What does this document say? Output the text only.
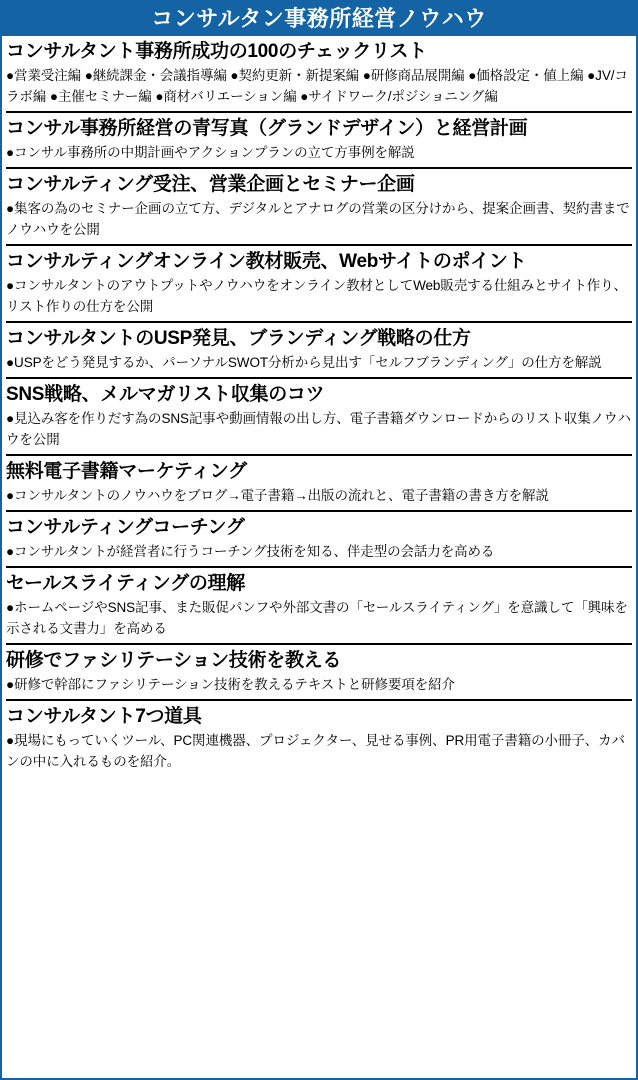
コンサルタン事務所経営ノウハウ
コンサルタント事務所成功の100のチェックリスト
●営業受注編 ●継続課金・会議指導編 ●契約更新・新提案編 ●研修商品展開編 ●価格設定・値上編 ●JV/コラボ編 ●主催セミナー編 ●商材バリエーション編 ●サイドワーク/ポジショニング編
コンサル事務所経営の青写真（グランドデザイン）と経営計画
●コンサル事務所の中期計画やアクションプランの立て方事例を解説
コンサルティング受注、営業企画とセミナー企画
●集客の為のセミナー企画の立て方、デジタルとアナログの営業の区分けから、提案企画書、契約書までノウハウを公開
コンサルティングオンライン教材販売、Webサイトのポイント
●コンサルタントのアウトプットやノウハウをオンライン教材としてWeb販売する仕組みとサイト作り、リスト作りの仕方を公開
コンサルタントのUSP発見、ブランディング戦略の仕方
●USPをどう発見するか、パーソナルSWOT分析から見出す「セルフブランディング」の仕方を解説
SNS戦略、メルマガリスト収集のコツ
●見込み客を作りだす為のSNS記事や動画情報の出し方、電子書籍ダウンロードからのリスト収集ノウハウを公開
無料電子書籍マーケティング
●コンサルタントのノウハウをブログ→電子書籍→出版の流れと、電子書籍の書き方を解説
コンサルティングコーチング
●コンサルタントが経営者に行うコーチング技術を知る、伴走型の会話力を高める
セールスライティングの理解
●ホームページやSNS記事、また販促パンフや外部文書の「セールスライティング」を意識して「興味を示される文書力」を高める
研修でファシリテーション技術を教える
●研修で幹部にファシリテーション技術を教えるテキストと研修要項を紹介
コンサルタント7つ道具
●現場にもっていくツール、PC関連機器、プロジェクター、見せる事例、PR用電子書籍の小冊子、カバンの中に入れるものを紹介。
